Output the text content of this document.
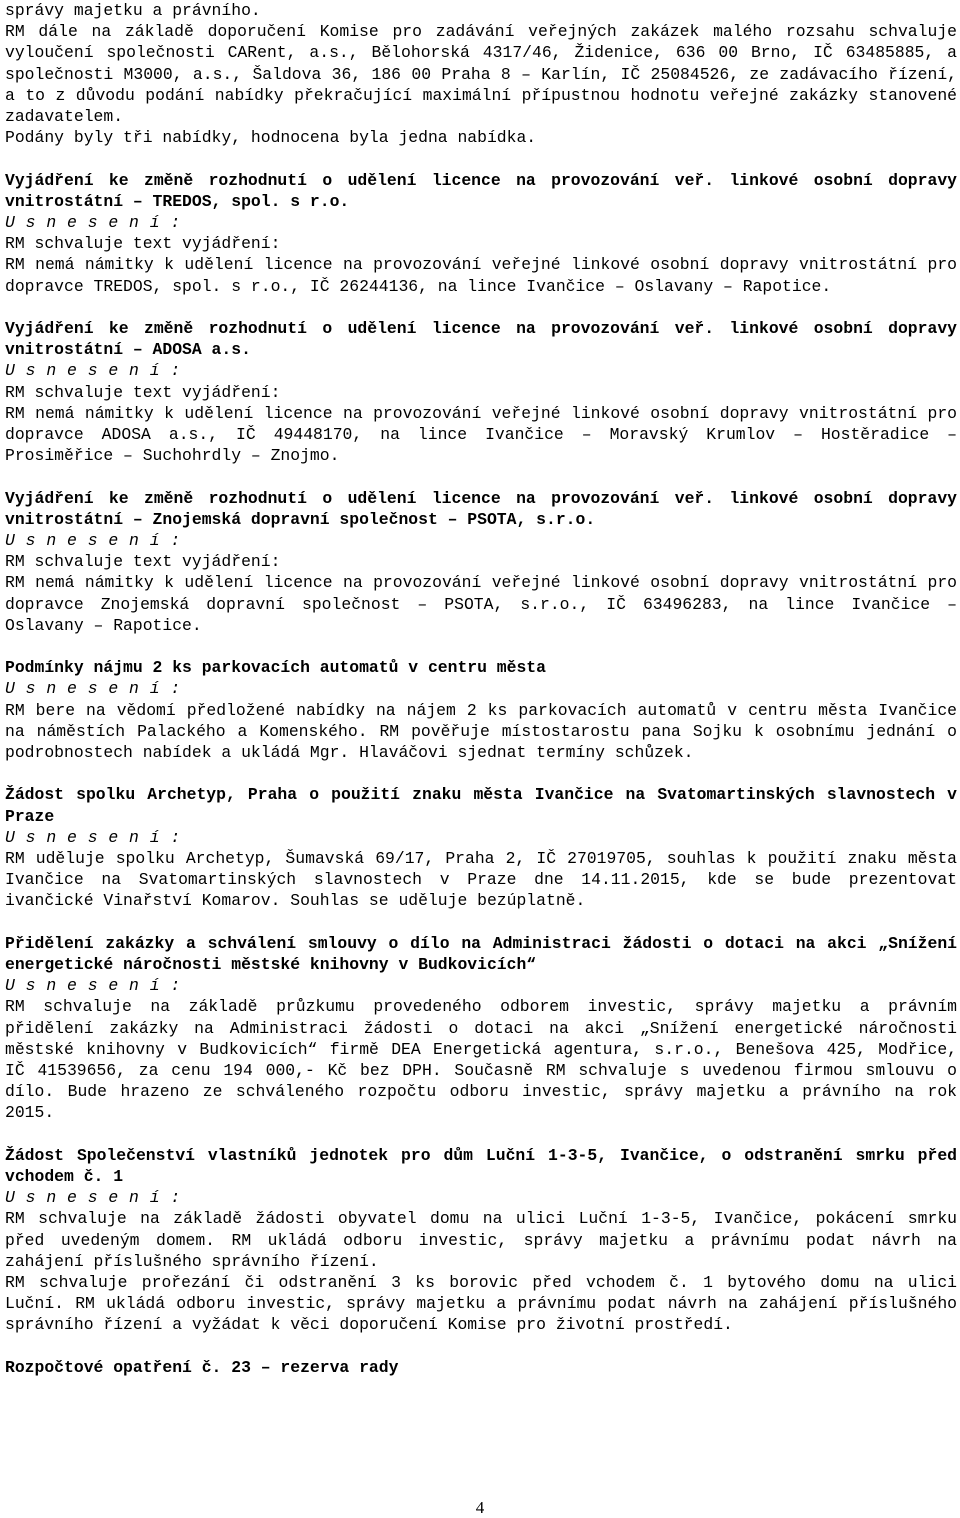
správy majetku a právního.

RM dále na základě doporučení Komise pro zadávání veřejných zakázek malého rozsahu schvaluje vyloučení společnosti CARent, a.s., Bělohorská 4317/46, Židenice, 636 00 Brno, IČ 63485885, a společnosti M3000, a.s., Šaldova 36, 186 00 Praha 8 – Karlín, IČ 25084526, ze zadávacího řízení, a to z důvodu podání nabídky překračující maximální přípustnou hodnotu veřejné zakázky stanovené zadavatelem.

Podány byly tři nabídky, hodnocena byla jedna nabídka.

Vyjádření ke změně rozhodnutí o udělení licence na provozování veř. linkové osobní dopravy vnitrostátní – TREDOS, spol. s r.o.

U s n e s e n í :

RM schvaluje text vyjádření:

RM nemá námitky k udělení licence na provozování veřejné linkové osobní dopravy vnitrostátní pro dopravce TREDOS, spol. s r.o., IČ 26244136, na lince Ivančice – Oslavany – Rapotice.

Vyjádření ke změně rozhodnutí o udělení licence na provozování veř. linkové osobní dopravy vnitrostátní – ADOSA a.s.

U s n e s e n í :

RM schvaluje text vyjádření:

RM nemá námitky k udělení licence na provozování veřejné linkové osobní dopravy vnitrostátní pro dopravce ADOSA a.s., IČ 49448170, na lince Ivančice – Moravský Krumlov – Hostěradice – Prosiměřice – Suchohrdly – Znojmo.

Vyjádření ke změně rozhodnutí o udělení licence na provozování veř. linkové osobní dopravy vnitrostátní – Znojemská dopravní společnost – PSOTA, s.r.o.

U s n e s e n í :

RM schvaluje text vyjádření:

RM nemá námitky k udělení licence na provozování veřejné linkové osobní dopravy vnitrostátní pro dopravce Znojemská dopravní společnost – PSOTA, s.r.o., IČ 63496283, na lince Ivančice – Oslavany – Rapotice.

Podmínky nájmu 2 ks parkovacích automatů v centru města

U s n e s e n í :

RM bere na vědomí předložené nabídky na nájem 2 ks parkovacích automatů v centru města Ivančice na náměstích Palackého a Komenského. RM pověřuje místostarostu pana Sojku k osobnímu jednání o podrobnostech nabídek a ukládá Mgr. Hlaváčovi sjednat termíny schůzek.

Žádost spolku Archetyp, Praha o použití znaku města Ivančice na Svatomartinských slavnostech v Praze

U s n e s e n í :

RM uděluje spolku Archetyp, Šumavská 69/17, Praha 2, IČ 27019705, souhlas k použití znaku města Ivančice na Svatomartinských slavnostech v Praze dne 14.11.2015, kde se bude prezentovat ivančické Vinařství Komarov. Souhlas se uděluje bezúplatně.

Přidělení zakázky a schválení smlouvy o dílo na Administraci žádosti o dotaci na akci „Snížení energetické náročnosti městské knihovny v Budkovicích“

U s n e s e n í :

RM schvaluje na základě průzkumu provedeného odborem investic, správy majetku a právním přidělení zakázky na Administraci žádosti o dotaci na akci „Snížení energetické náročnosti městské knihovny v Budkovicích“ firmě DEA Energetická agentura, s.r.o., Benešova 425, Modřice, IČ 41539656, za cenu 194 000,- Kč bez DPH. Současně RM schvaluje s uvedenou firmou smlouvu o dílo. Bude hrazeno ze schváleného rozpočtu odboru investic, správy majetku a právního na rok 2015.

Žádost Společenství vlastníků jednotek pro dům Luční 1-3-5, Ivančice, o odstranění smrku před vchodem č. 1

U s n e s e n í :

RM schvaluje na základě žádosti obyvatel domu na ulici Luční 1-3-5, Ivančice, pokácení smrku před uvedeným domem. RM ukládá odboru investic, správy majetku a právnímu podat návrh na zahájení příslušného správního řízení.

RM schvaluje prořezání či odstranění 3 ks borovic před vchodem č. 1 bytového domu na ulici Luční. RM ukládá odboru investic, správy majetku a právnímu podat návrh na zahájení příslušného správního řízení a vyžádat k věci doporučení Komise pro životní prostředí.

Rozpočtové opatření č. 23 – rezerva rady

4
